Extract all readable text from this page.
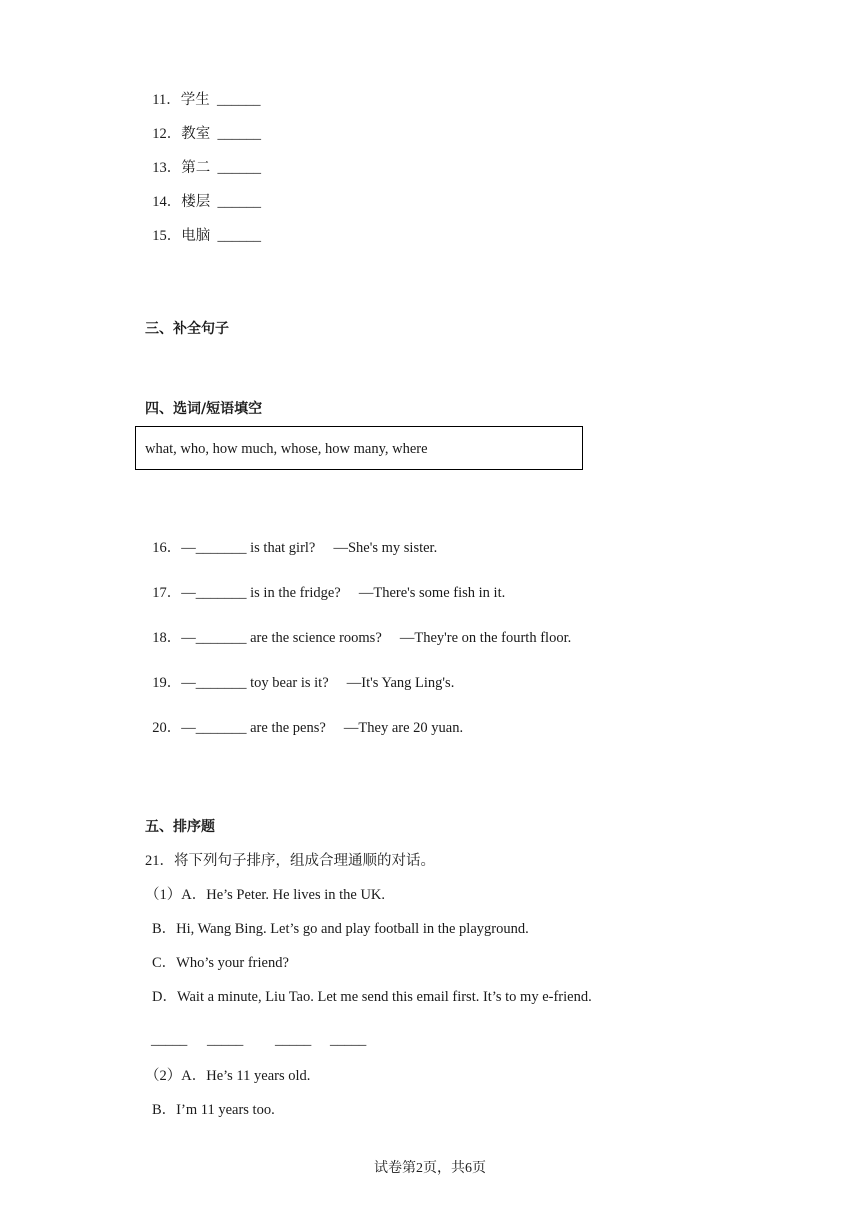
11．学生 ______

12．教室 ______

13．第二 ______

14．楼层 ______

15．电脑 ______

三、补全句子
四、选词/短语填空
what, who, how much, whose, how many, where

16．—_______ is that girl?     —She's my sister.

17．—_______ is in the fridge?     —There's some fish in it.

18．—_______ are the science rooms?     —They're on the fourth floor.

19．—_______ toy bear is it?     —It's Yang Ling's.

20．—_______ are the pens?     —They are 20 yuan.

五、排序题
21．将下列句子排序，组成合理通顺的对话。
（1）A．He’s Peter. He lives in the UK.
B．Hi, Wang Bing. Let’s go and play football in the playground.
C．Who’s your friend?
D．Wait a minute, Liu Tao. Let me send this email first. It’s to my e-friend.
_____ _____ _____ _____
（2）A．He’s 11 years old.
B．I’m 11 years too.
试卷第2页，共6页
